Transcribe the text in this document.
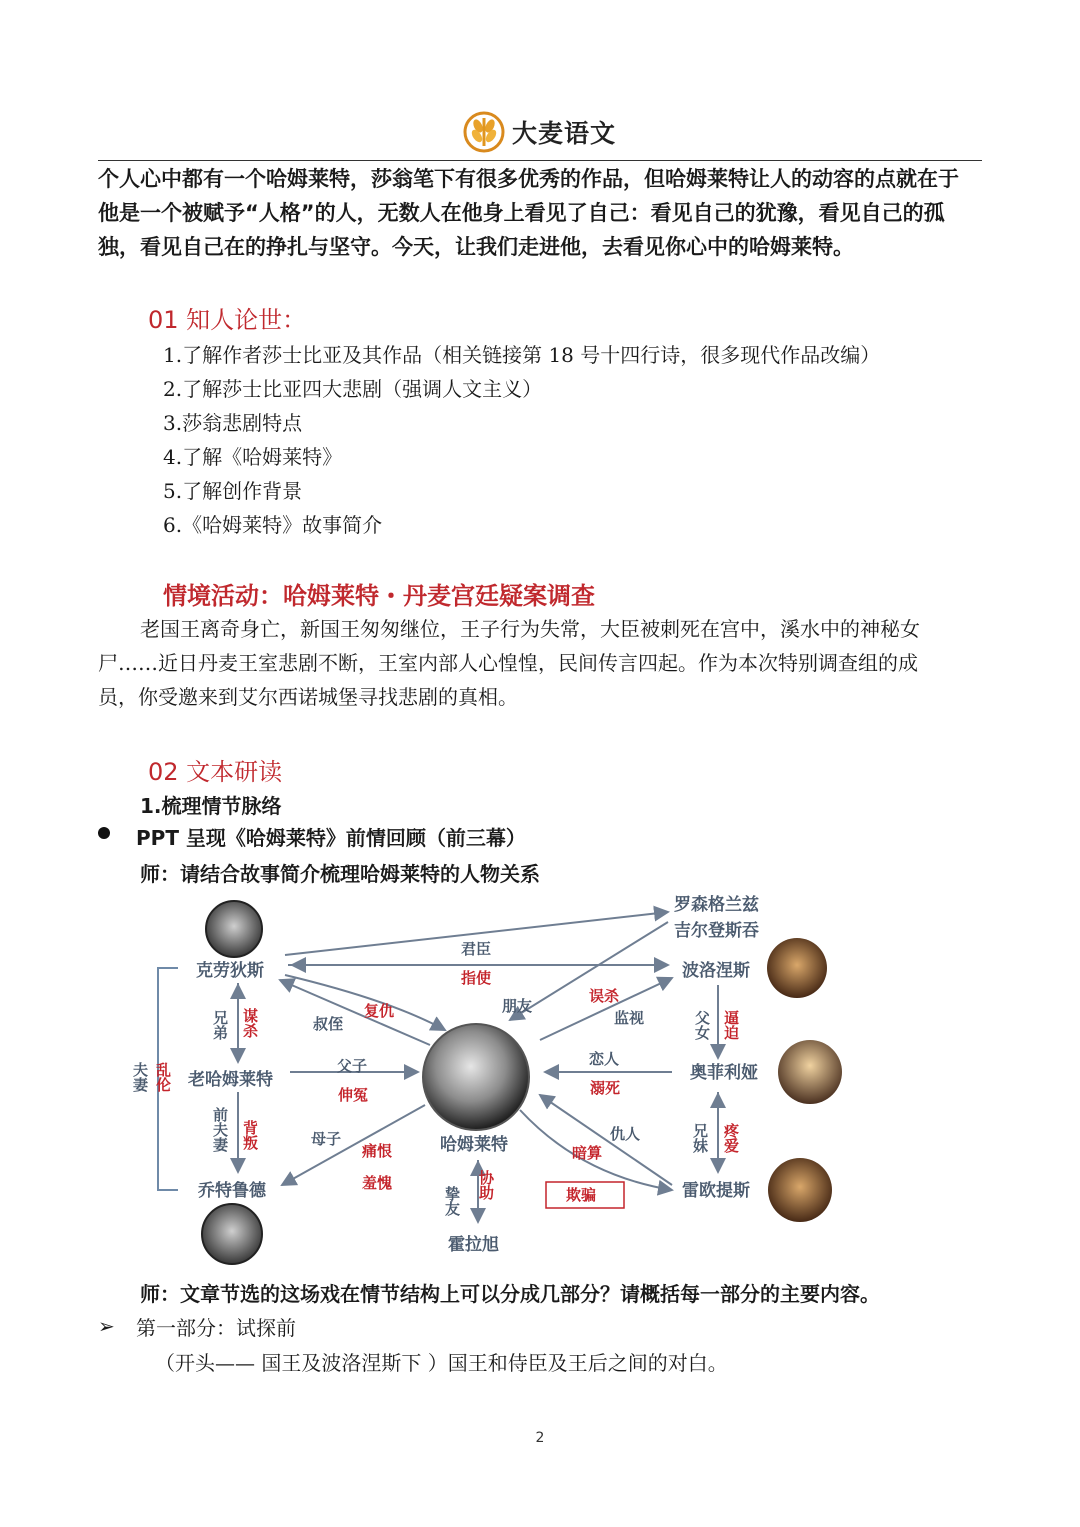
大麦语文

个人心中都有一个哈姆莱特，莎翁笔下有很多优秀的作品，但哈姆莱特让人的动容的点就在于

他是一个被赋予“人格”的人，无数人在他身上看见了自己：看见自己的犹豫，看见自己的孤

独，看见自己在的挣扎与坚守。今天，让我们走进他，去看见你心中的哈姆莱特。

01 知人论世：
1.了解作者莎士比亚及其作品（相关链接第 18 号十四行诗，很多现代作品改编）
2.了解莎士比亚四大悲剧（强调人文主义）
3.莎翁悲剧特点
4.了解《哈姆莱特》
5.了解创作背景
6.《哈姆莱特》故事简介
情境活动：哈姆莱特・丹麦宫廷疑案调查

老国王离奇身亡，新国王匆匆继位，王子行为失常，大臣被刺死在宫中，溪水中的神秘女

尸……近日丹麦王室悲剧不断，王室内部人心惶惶，民间传言四起。作为本次特别调查组的成

员，你受邀来到艾尔西诺城堡寻找悲剧的真相。

02 文本研读
1.梳理情节脉络
PPT 呈现《哈姆莱特》前情回顾（前三幕）
师：请结合故事简介梳理哈姆莱特的人物关系
克劳狄斯
老哈姆莱特
乔特鲁德
哈姆莱特
霍拉旭
罗森格兰兹
吉尔登斯吞
波洛涅斯
奥菲利娅
雷欧提斯
君臣
朋友
监视
叔侄
父子
母子
恋人
仇人
挚友
兄弟
夫妻
前夫妻
父女
兄妹
指使
误杀
复仇
伸冤
痛恨
羞愧
溺死
暗算
欺骗
协助
谋杀
乱伦
背叛
逼迫
疼爱
师：文章节选的这场戏在情节结构上可以分成几部分？请概括每一部分的主要内容。
➢ 第一部分：试探前
（开头—— 国王及波洛涅斯下 ）国王和侍臣及王后之间的对白。
2
